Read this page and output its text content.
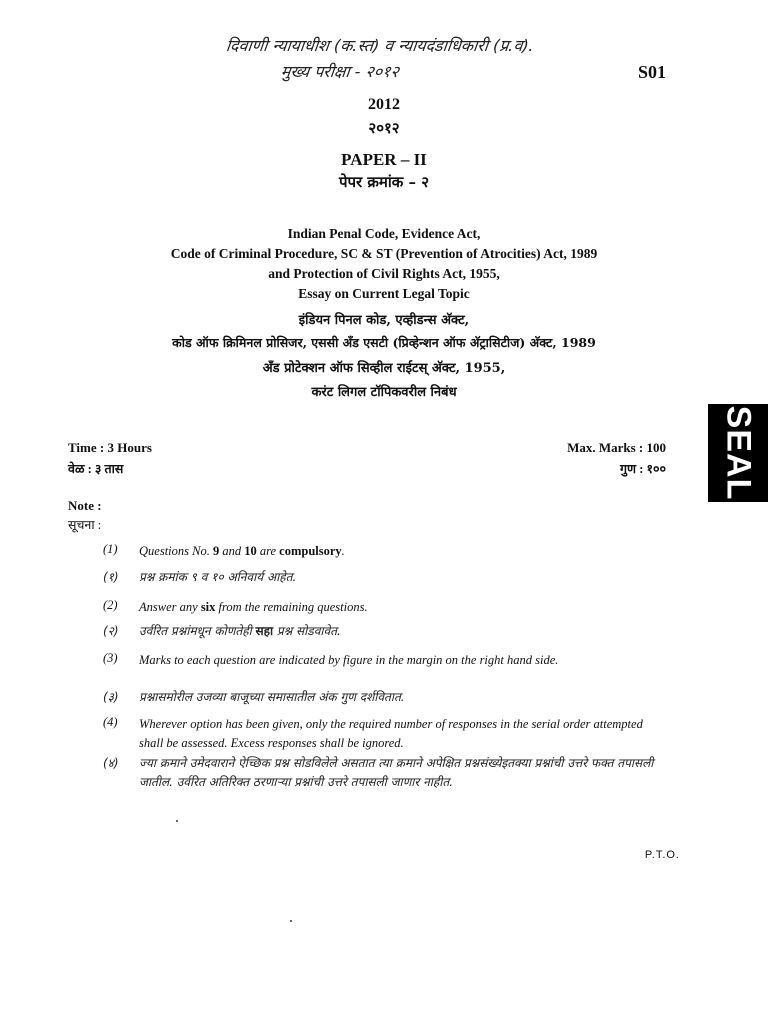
दिवाणी न्यायाधीश (क.स्त) व न्यायदंडाधिकारी (प्र.व).
मुख्य परीक्षा - २०१२	S01
2012
२०१२
PAPER – II
पेपर क्रमांक – २
Indian Penal Code, Evidence Act,
Code of Criminal Procedure, SC & ST (Prevention of Atrocities) Act, 1989
and Protection of Civil Rights Act, 1955,
Essay on Current Legal Topic
इंडियन पिनल कोड, एव्हीडन्स अ‍ॅक्ट,
कोड ऑफ क्रिमिनल प्रोसिजर, एससी अँड एसटी (प्रिव्हेन्शन ऑफ अ‍ॅट्रासिटीज) अ‍ॅक्ट, 1989
अँड प्रोटेक्शन ऑफ सिव्हील राईटस् अ‍ॅक्ट, 1955,
करंट लिगल टॉपिकवरील निबंध
SEAL
Time : 3 Hours
वेळ : ३ तास
Max. Marks : 100
गुण : १००
Note :
सूचना :
(1) Questions No. 9 and 10 are compulsory.
(१) प्रश्न क्रमांक ९ व १० अनिवार्य आहेत.
(2) Answer any six from the remaining questions.
(२) उर्वरित प्रश्नांमधून कोणतेही सहा प्रश्न सोडवावेत.
(3) Marks to each question are indicated by figure in the margin on the right hand side.
(३) प्रश्नासमोरील उजव्या बाजूच्या समासातील अंक गुण दर्शवितात.
(4) Wherever option has been given, only the required number of responses in the serial order attempted shall be assessed. Excess responses shall be ignored.
(४) ज्या क्रमाने उमेदवाराने ऐच्छिक प्रश्न सोडविलेले असतात त्या क्रमाने अपेक्षित प्रश्नसंख्येइतक्या प्रश्नांची उत्तरे फक्त तपासली जातील. उर्वरित अतिरिक्त ठरणाऱ्या प्रश्नांची उत्तरे तपासली जाणार नाहीत.
P.T.O.
